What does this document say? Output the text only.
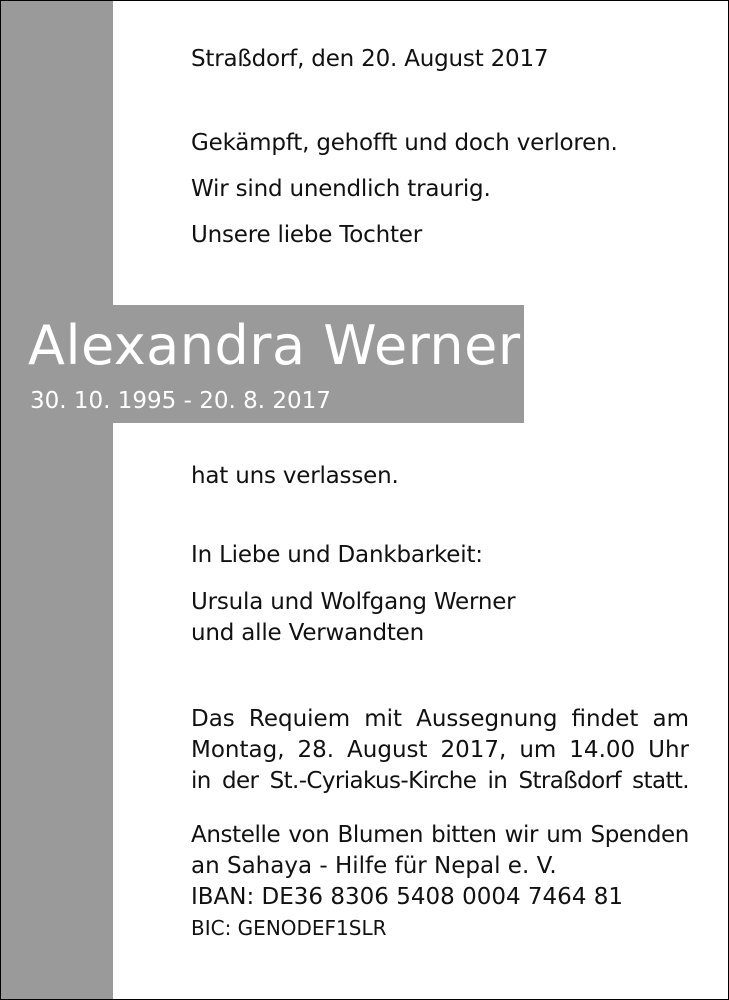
Straßdorf, den 20. August 2017
Gekämpft, gehofft und doch verloren.
Wir sind unendlich traurig.
Unsere liebe Tochter
Alexandra Werner
30. 10. 1995 - 20. 8. 2017
hat uns verlassen.
In Liebe und Dankbarkeit:
Ursula und Wolfgang Werner
und alle Verwandten
Das Requiem mit Aussegnung findet am
Montag, 28. August 2017, um 14.00 Uhr
in der St.-Cyriakus-Kirche in Straßdorf statt.
Anstelle von Blumen bitten wir um Spenden
an Sahaya - Hilfe für Nepal e. V.
IBAN: DE36 8306 5408 0004 7464 81
BIC: GENODEF1SLR
